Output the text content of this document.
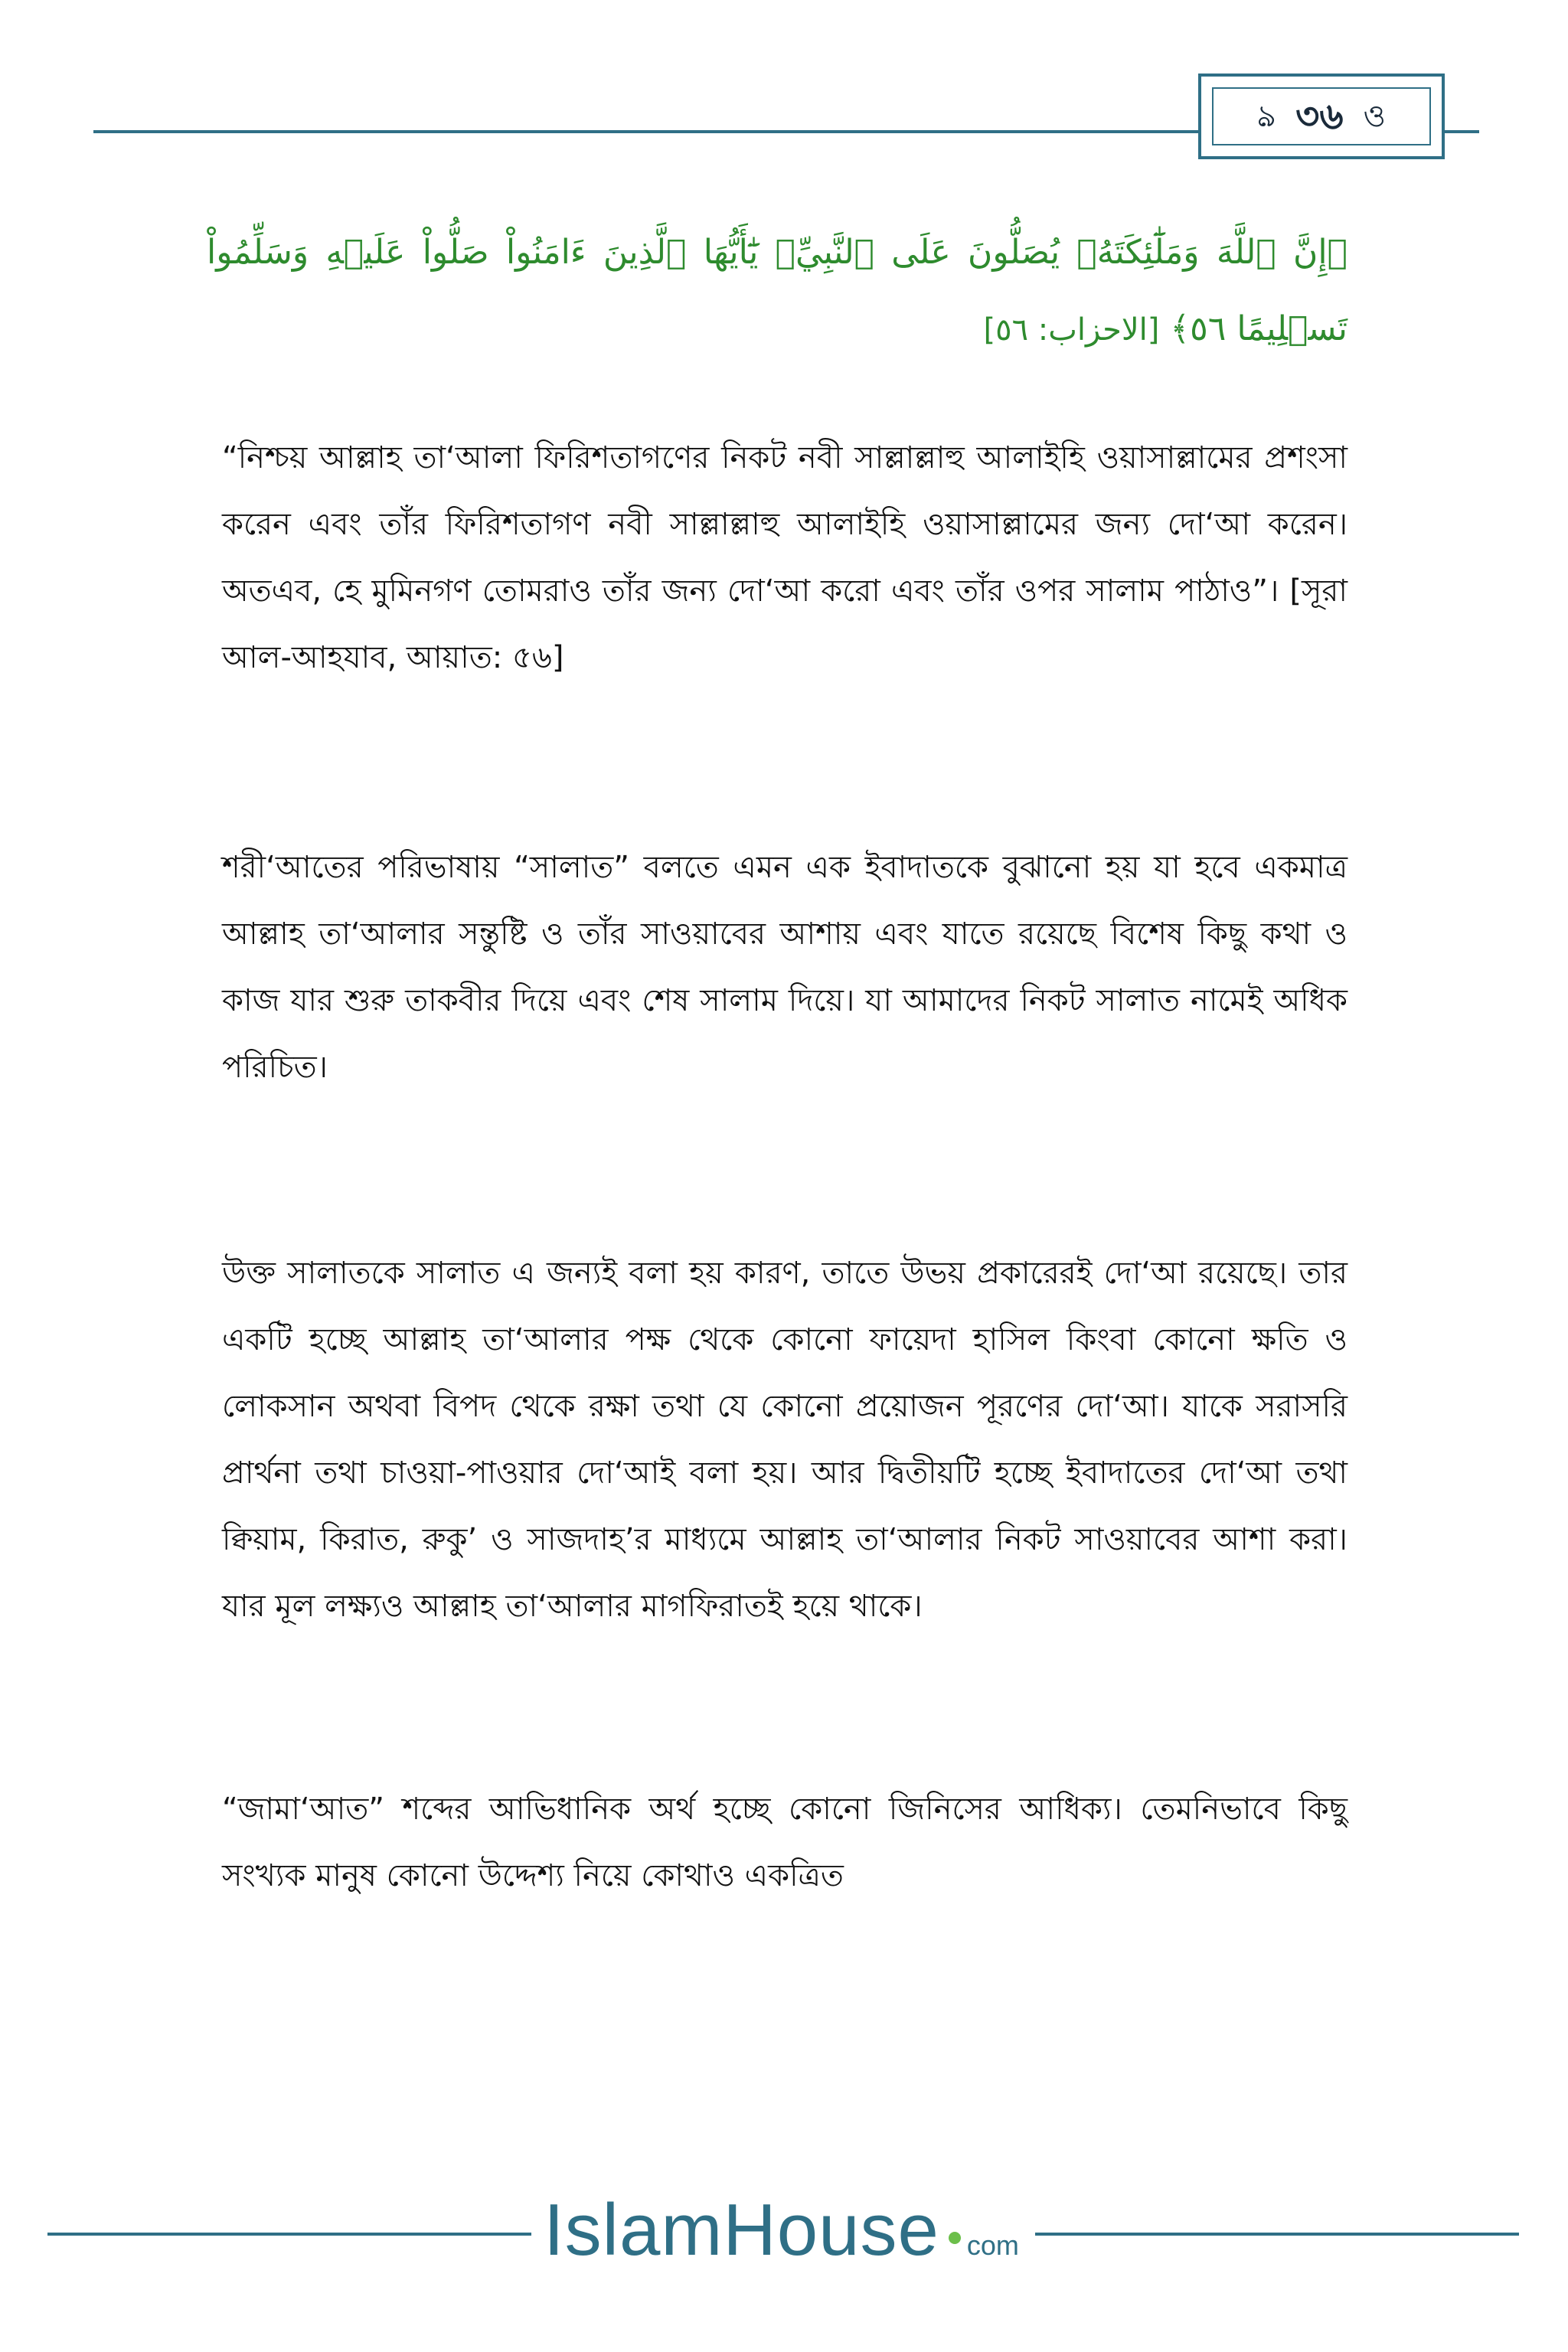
ঌ ৩৬ ও
﴿إِنَّ ٱللَّهَ وَمَلَٰٓئِكَتَهُۥ يُصَلُّونَ عَلَى ٱلنَّبِيِّۚ يَٰٓأَيُّهَا ٱلَّذِينَ ءَامَنُواْ صَلُّواْ عَلَيۡهِ وَسَلِّمُواْ تَسۡلِيمًا ٥٦﴾ [الاحزاب: ٥٦]
“নিশ্চয় আল্লাহ তা‘আলা ফিরিশতাগণের নিকট নবী সাল্লাল্লাহু আলাইহি ওয়াসাল্লামের প্রশংসা করেন এবং তাঁর ফিরিশতাগণ নবী সাল্লাল্লাহু আলাইহি ওয়াসাল্লামের জন্য দো‘আ করেন। অতএব, হে মুমিনগণ তোমরাও তাঁর জন্য দো‘আ করো এবং তাঁর ওপর সালাম পাঠাও”। [সূরা আল-আহযাব, আয়াত: ৫৬]
শরী‘আতের পরিভাষায় “সালাত” বলতে এমন এক ইবাদাতকে বুঝানো হয় যা হবে একমাত্র আল্লাহ তা‘আলার সন্তুষ্টি ও তাঁর সাওয়াবের আশায় এবং যাতে রয়েছে বিশেষ কিছু কথা ও কাজ যার শুরু তাকবীর দিয়ে এবং শেষ সালাম দিয়ে। যা আমাদের নিকট সালাত নামেই অধিক পরিচিত।
উক্ত সালাতকে সালাত এ জন্যই বলা হয় কারণ, তাতে উভয় প্রকারেরই দো‘আ রয়েছে। তার একটি হচ্ছে আল্লাহ তা‘আলার পক্ষ থেকে কোনো ফায়েদা হাসিল কিংবা কোনো ক্ষতি ও লোকসান অথবা বিপদ থেকে রক্ষা তথা যে কোনো প্রয়োজন পূরণের দো‘আ। যাকে সরাসরি প্রার্থনা তথা চাওয়া-পাওয়ার দো‘আই বলা হয়। আর দ্বিতীয়টি হচ্ছে ইবাদাতের দো‘আ তথা ক্বিয়াম, কিরাত, রুকু’ ও সাজদাহ’র মাধ্যমে আল্লাহ তা‘আলার নিকট সাওয়াবের আশা করা। যার মূল লক্ষ্যও আল্লাহ তা‘আলার মাগফিরাতই হয়ে থাকে।
“জামা‘আত” শব্দের আভিধানিক অর্থ হচ্ছে কোনো জিনিসের আধিক্য। তেমনিভাবে কিছু সংখ্যক মানুষ কোনো উদ্দেশ্য নিয়ে কোথাও একত্রিত
IslamHouse com
